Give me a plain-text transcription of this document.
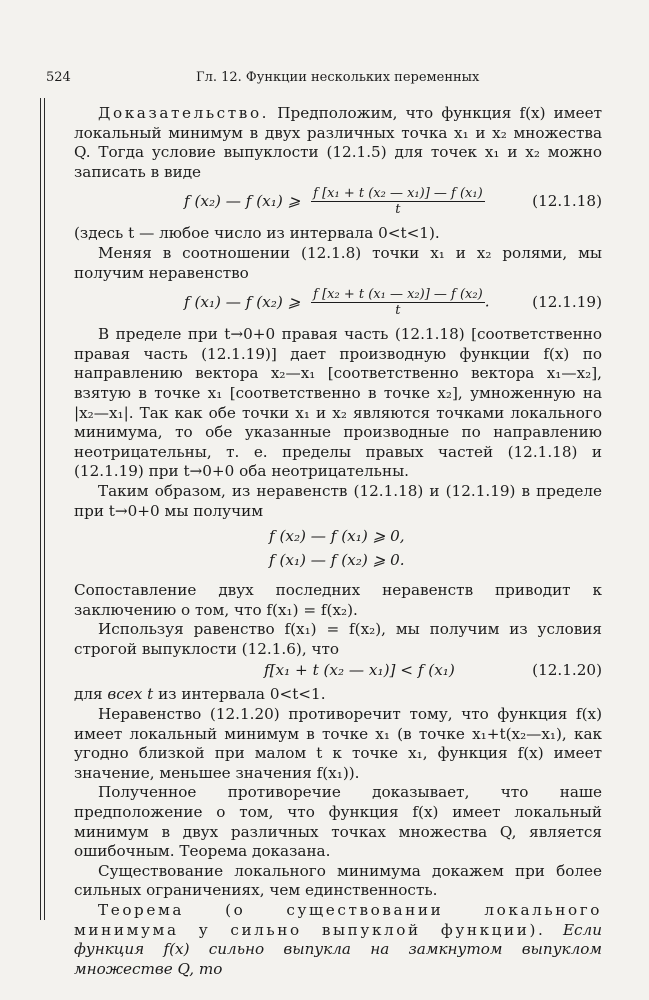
524	Гл. 12. Функции нескольких переменных

Доказательство. Предположим, что функция f(x) имеет локальный минимум в двух различных точка x₁ и x₂ множества Q. Тогда условие выпуклости (12.1.5) для точек x₁ и x₂ можно записать в виде

f (x₂) — f (x₁) ⩾ $\frac{\text{f [x₁ + t (x₂ — x₁)] — f (x₁)}}{t}$	(12.1.18)

(здесь t — любое число из интервала 0<t<1).

Меняя в соотношении (12.1.8) точки x₁ и x₂ ролями, мы получим неравенство

f (x₁) — f (x₂) ⩾ $\frac{\text{f [x₂ + t (x₁ — x₂)] — f (x₂)}}{t}$ .	(12.1.19)

В пределе при t→0+0 правая часть (12.1.18) [соответственно правая часть (12.1.19)] дает производную функции f(x) по направлению вектора x₂—x₁ [соответственно вектора x₁—x₂], взятую в точке x₁ [соответственно в точке x₂], умноженную на |x₂—x₁|. Так как обе точки x₁ и x₂ являются точками локального минимума, то обе указанные производные по направлению неотрицательны, т. е. пределы правых частей (12.1.18) и (12.1.19) при t→0+0 оба неотрицательны.

Таким образом, из неравенств (12.1.18) и (12.1.19) в пределе при t→0+0 мы получим

f (x₂) — f (x₁) ⩾ 0,
f (x₁) — f (x₂) ⩾ 0.

Сопоставление двух последних неравенств приводит к заключению о том, что f(x₁) = f(x₂).

Используя равенство f(x₁) = f(x₂), мы получим из условия строгой выпуклости (12.1.6), что

f[x₁ + t (x₂ — x₁)] < f (x₁)	(12.1.20)

для всех t из интервала 0<t<1.

Неравенство (12.1.20) противоречит тому, что функция f(x) имеет локальный минимум в точке x₁ (в точке x₁+t(x₂—x₁), как угодно близкой при малом t к точке x₁, функция f(x) имеет значение, меньшее значения f(x₁)).

Полученное противоречие доказывает, что наше предположение о том, что функция f(x) имеет локальный минимум в двух различных точках множества Q, является ошибочным. Теорема доказана.

Существование локального минимума докажем при более сильных ограничениях, чем единственность.

Теорема (о существовании локального минимума у сильно выпуклой функции). Если функция f(x) сильно выпукла на замкнутом выпуклом множестве Q, то
